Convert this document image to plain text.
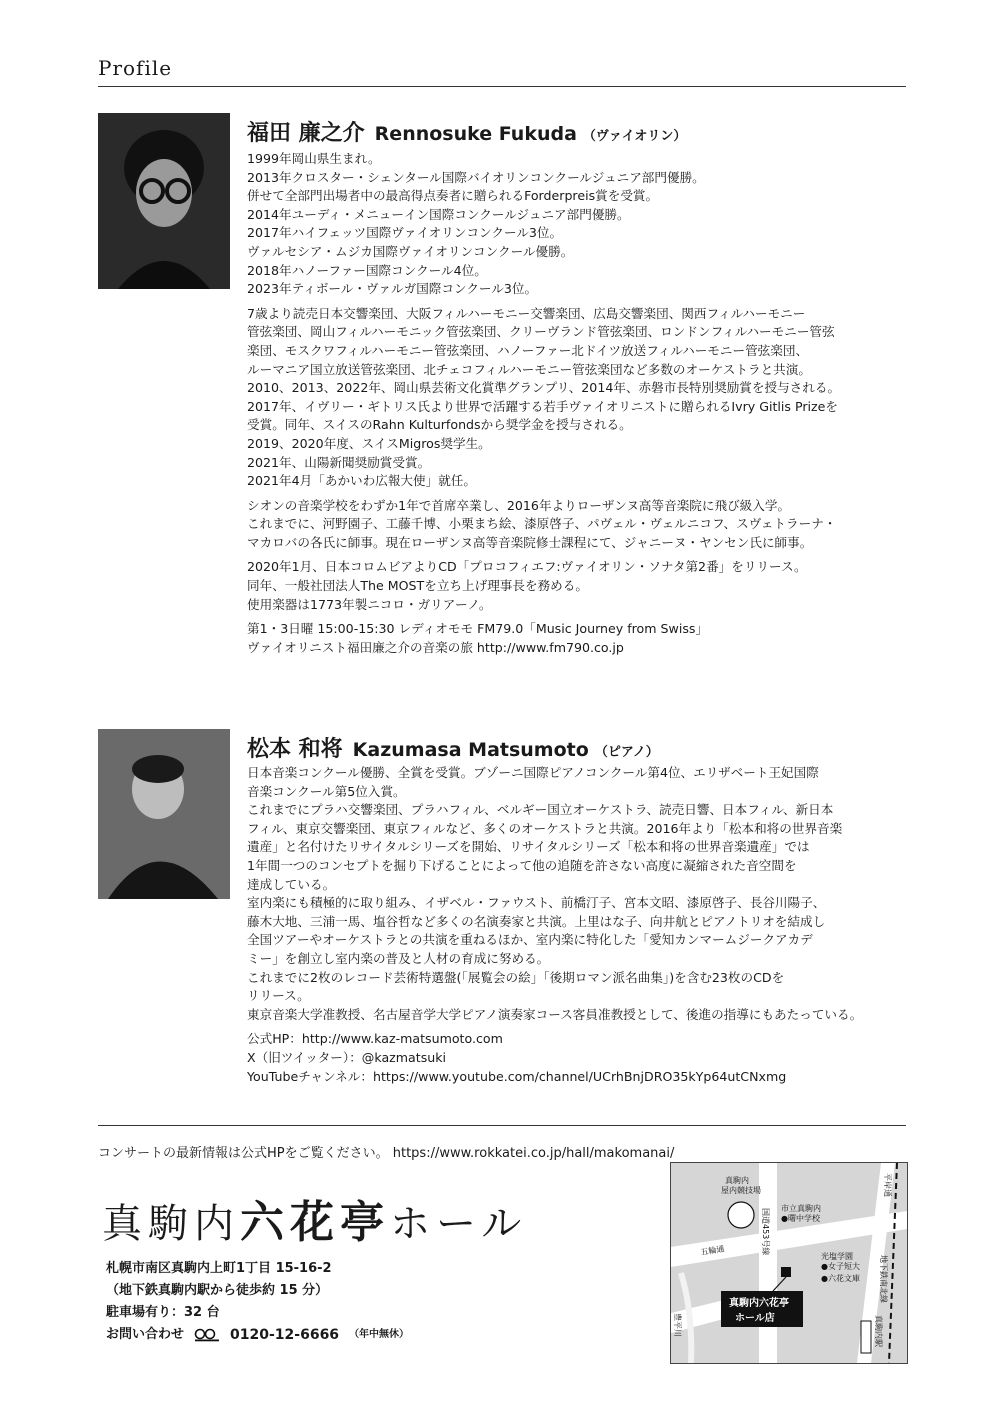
Profile
福田 廉之介 Rennosuke Fukuda （ヴァイオリン）

1999年岡山県生まれ。
2013年クロスター・シェンタール国際バイオリンコンクールジュニア部門優勝。
併せて全部門出場者中の最高得点奏者に贈られるForderpreis賞を受賞。
2014年ユーディ・メニューイン国際コンクールジュニア部門優勝。
2017年ハイフェッツ国際ヴァイオリンコンクール3位。
ヴァルセシア・ムジカ国際ヴァイオリンコンクール優勝。
2018年ハノーファー国際コンクール4位。
2023年ティボール・ヴァルガ国際コンクール3位。

7歳より読売日本交響楽団、大阪フィルハーモニー交響楽団、広島交響楽団、関西フィルハーモニー
管弦楽団、岡山フィルハーモニック管弦楽団、クリーヴランド管弦楽団、ロンドンフィルハーモニー管弦
楽団、モスクワフィルハーモニー管弦楽団、ハノーファー北ドイツ放送フィルハーモニー管弦楽団、
ルーマニア国立放送管弦楽団、北チェコフィルハーモニー管弦楽団など多数のオーケストラと共演。
2010、2013、2022年、岡山県芸術文化賞準グランプリ、2014年、赤磐市長特別奨励賞を授与される。
2017年、イヴリー・ギトリス氏より世界で活躍する若手ヴァイオリニストに贈られるIvry Gitlis Prizeを
受賞。同年、スイスのRahn Kulturfondsから奨学金を授与される。
2019、2020年度、スイスMigros奨学生。
2021年、山陽新聞奨励賞受賞。
2021年4月「あかいわ広報大使」就任。

シオンの音楽学校をわずか1年で首席卒業し、2016年よりローザンヌ高等音楽院に飛び級入学。
これまでに、河野園子、工藤千博、小栗まち絵、漆原啓子、パヴェル・ヴェルニコフ、スヴェトラーナ・
マカロバの各氏に師事。現在ローザンヌ高等音楽院修士課程にて、ジャニーヌ・ヤンセン氏に師事。

2020年1月、日本コロムビアよりCD「プロコフィエフ:ヴァイオリン・ソナタ第2番」をリリース。
同年、一般社団法人The MOSTを立ち上げ理事長を務める。
使用楽器は1773年製ニコロ・ガリアーノ。

第1・3日曜 15:00-15:30 レディオモモ FM79.0「Music Journey from Swiss」
ヴァイオリニスト福田廉之介の音楽の旅 http://www.fm790.co.jp

松本 和将 Kazumasa Matsumoto （ピアノ）

日本音楽コンクール優勝、全賞を受賞。ブゾーニ国際ピアノコンクール第4位、エリザベート王妃国際
音楽コンクール第5位入賞。
これまでにプラハ交響楽団、プラハフィル、ベルギー国立オーケストラ、読売日響、日本フィル、新日本
フィル、東京交響楽団、東京フィルなど、多くのオーケストラと共演。2016年より「松本和将の世界音楽
遺産」と名付けたリサイタルシリーズを開始、リサイタルシリーズ「松本和将の世界音楽遺産」では
1年間一つのコンセプトを掘り下げることによって他の追随を許さない高度に凝縮された音空間を
達成している。
室内楽にも積極的に取り組み、イザベル・ファウスト、前橋汀子、宮本文昭、漆原啓子、長谷川陽子、
藤木大地、三浦一馬、塩谷哲など多くの名演奏家と共演。上里はな子、向井航とピアノトリオを結成し
全国ツアーやオーケストラとの共演を重ねるほか、室内楽に特化した「愛知カンマームジークアカデ
ミー」を創立し室内楽の普及と人材の育成に努める。
これまでに2枚のレコード芸術特選盤(「展覧会の絵」「後期ロマン派名曲集」)を含む23枚のCDを
リリース。
東京音楽大学准教授、名古屋音学大学ピアノ演奏家コース客員准教授として、後進の指導にもあたっている。

公式HP：http://www.kaz-matsumoto.com
X（旧ツイッター）：@kazmatsuki
YouTubeチャンネル：https://www.youtube.com/channel/UCrhBnjDRO35kYp64utCNxmg

コンサートの最新情報は公式HPをご覧ください。 https://www.rokkatei.co.jp/hall/makomanai/
真駒内六花亭ホール
札幌市南区真駒内上町1丁目 15-16-2
（地下鉄真駒内駅から徒歩約 15 分）
駐車場有り：32 台
お問い合わせ	0120-12-6666 （年中無休）
真駒内六花亭
ホール店
真駒内
屋内競技場
市立真駒内
●曙中学校
五輪通	国道453号線
豊平川
光塩学園
●女子短大
●六花文庫 地下鉄南北線
平岸通
真駒内駅
